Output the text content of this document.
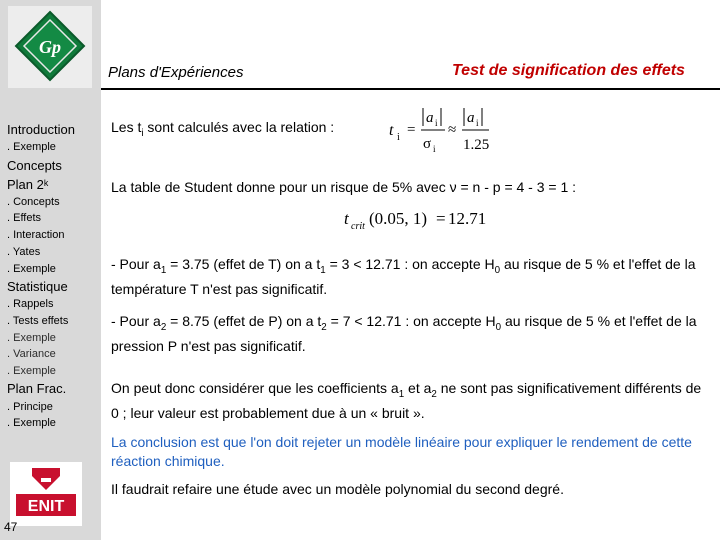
Gp
Introduction
. Exemple
Concepts
Plan 2ᵏ
. Concepts
. Effets
. Interaction
. Yates
. Exemple
Statistique
. Rappels
. Tests effets
. Exemple
. Variance
. Exemple
Plan Frac.
. Principe
. Exemple
ENIT
47
Plans d'Expériences	Test de signification des effets
Les $t_i$ sont calculés avec la relation :	t i =
a i
σ i
≈
a i
1.25
La table de Student donne pour un risque de 5% avec ν = n - p = 4 - 3 = 1 :
t crit (0.05, 1) = 12.71
- Pour $a_1 = 3.75$ (effet de T) on a $t_1 = 3 < 12.71$ : on accepte $H_0$ au risque de 5 % et l'effet de la température T n'est pas significatif.
- Pour $a_2 = 8.75$ (effet de P) on a $t_2 = 7 < 12.71$ : on accepte $H_0$ au risque de 5 % et l'effet de la pression P n'est pas significatif.
On peut donc considérer que les coefficients $a_1$ et $a_2$ ne sont pas significativement différents de 0 ; leur valeur est probablement due à un « bruit ».
La conclusion est que l'on doit rejeter un modèle linéaire pour expliquer le rendement de cette réaction chimique.
Il faudrait refaire une étude avec un modèle polynomial du second degré.
